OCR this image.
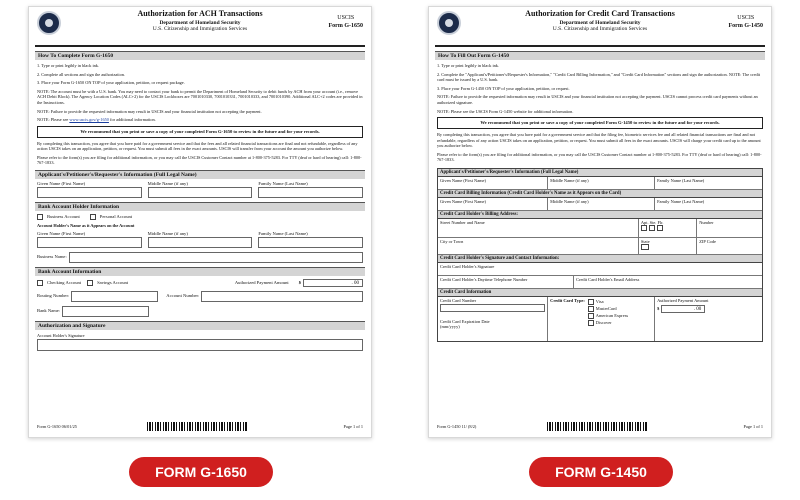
Authorization for ACH Transactions
Department of Homeland Security
U.S. Citizenship and Immigration Services
USCIS
Form G-1650
How To Complete Form G-1650
1. Type or print legibly in black ink.
2. Complete all sections and sign the authorization.
3. Place your Form G-1650 ON TOP of your application, petition, or request package.
NOTE: The account must be with a U.S. bank. You may need to contact your bank to permit the Department of Homeland Security to debit funds by ACH from your account (i.e., remove ACH Debit Block). The Agency Location Codes (ALC+2) for the USCIS Lockboxes are 7001010330, 7001010331, 7001010333, and 7001010390. Additional ALC+2 codes are provided in the Instructions.
NOTE: Failure to provide the requested information may result in USCIS and your financial institution not accepting the payment.
NOTE: Please see www.uscis.gov/g-1650 for additional information.
We recommend that you print or save a copy of your completed Form G-1650 to review in the future and for your records.
By completing this transaction, you agree that you have paid for a government service and that the fees and all related financial transactions are final and not refundable, regardless of any action USCIS takes on an application, petition, or request. You must submit all fees in the exact amounts. USCIS will transfer from your account the amount you authorize below.
Please refer to the form(s) you are filing for additional information, or you may call the USCIS Customer Contact number at 1-800-375-5283. For TTY (deaf or hard of hearing) call: 1-800-767-1833.
Applicant's/Petitioner's/Requester's Information (Full Legal Name)
Given Name (First Name)	Middle Name (if any)	Family Name (Last Name)
Bank Account Holder Information
Business Account	Personal Account
Account Holder's Name as it Appears on the Account
Given Name (First Name)	Middle Name (if any)	Family Name (Last Name)
Business Name:
Bank Account Information
Checking Account	Savings Account	Authorized Payment Amount $	. 00
Routing Number:	Account Number:
Bank Name:
Authorization and Signature
Account Holder's Signature
Form G-1650 06/01/25	Page 1 of 1
Authorization for Credit Card Transactions
Department of Homeland Security
U.S. Citizenship and Immigration Services
USCIS
Form G-1450
How To Fill Out Form G-1450
1. Type or print legibly in black ink.
2. Complete the "Applicant's/Petitioner's/Requester's Information," "Credit Card Billing Information," and "Credit Card Information" sections and sign the authorization. NOTE: The credit card must be issued by a U.S. bank.
3. Place your Form G-1450 ON TOP of your application, petition, or request.
NOTE: Failure to provide the requested information may result in USCIS and your financial institution not accepting the payment. USCIS cannot process credit card payments without an authorized signature.
NOTE: Please see the USCIS Form G-1450 website for additional information.
We recommend that you print or save a copy of your completed Form G-1450 to review in the future and for your records.
By completing this transaction, you agree that you have paid for a government service and that the filing fee, biometric services fee and all related financial transactions are final and not refundable, regardless of any action USCIS takes on an application, petition, or request. You must submit all fees in the exact amounts. USCIS will charge your credit card up to the amount you authorize below.
Please refer to the form(s) you are filing for additional information, or you may call the USCIS Customer Contact number at 1-800-375-5283. For TTY (deaf or hard of hearing) call: 1-800-767-1833.
Applicant's/Petitioner's/Requester's Information (Full Legal Name)
Given Name (First Name)	Middle Name (if any)	Family Name (Last Name)
Credit Card Billing Information (Credit Card Holder's Name as it Appears on the Card)
Given Name (First Name)	Middle Name (if any)	Family Name (Last Name)
Credit Card Holder's Billing Address:
Street Number and Name	Apt. Ste. Flr.	Number
City or Town	State	ZIP Code
Credit Card Holder's Signature and Contact Information:
Credit Card Holder's Signature
Credit Card Holder's Daytime Telephone Number	Credit Card Holder's Email Address
Credit Card Information
Credit Card Number
Credit Card Expiration Date
(mm/yyyy)
Credit Card Type:	Visa
MasterCard
American Express
Discover
Authorized Payment Amount
$	. 00
Form G-1450 11/ (8/2)	Page 1 of 1
FORM G-1650	FORM G-1450
